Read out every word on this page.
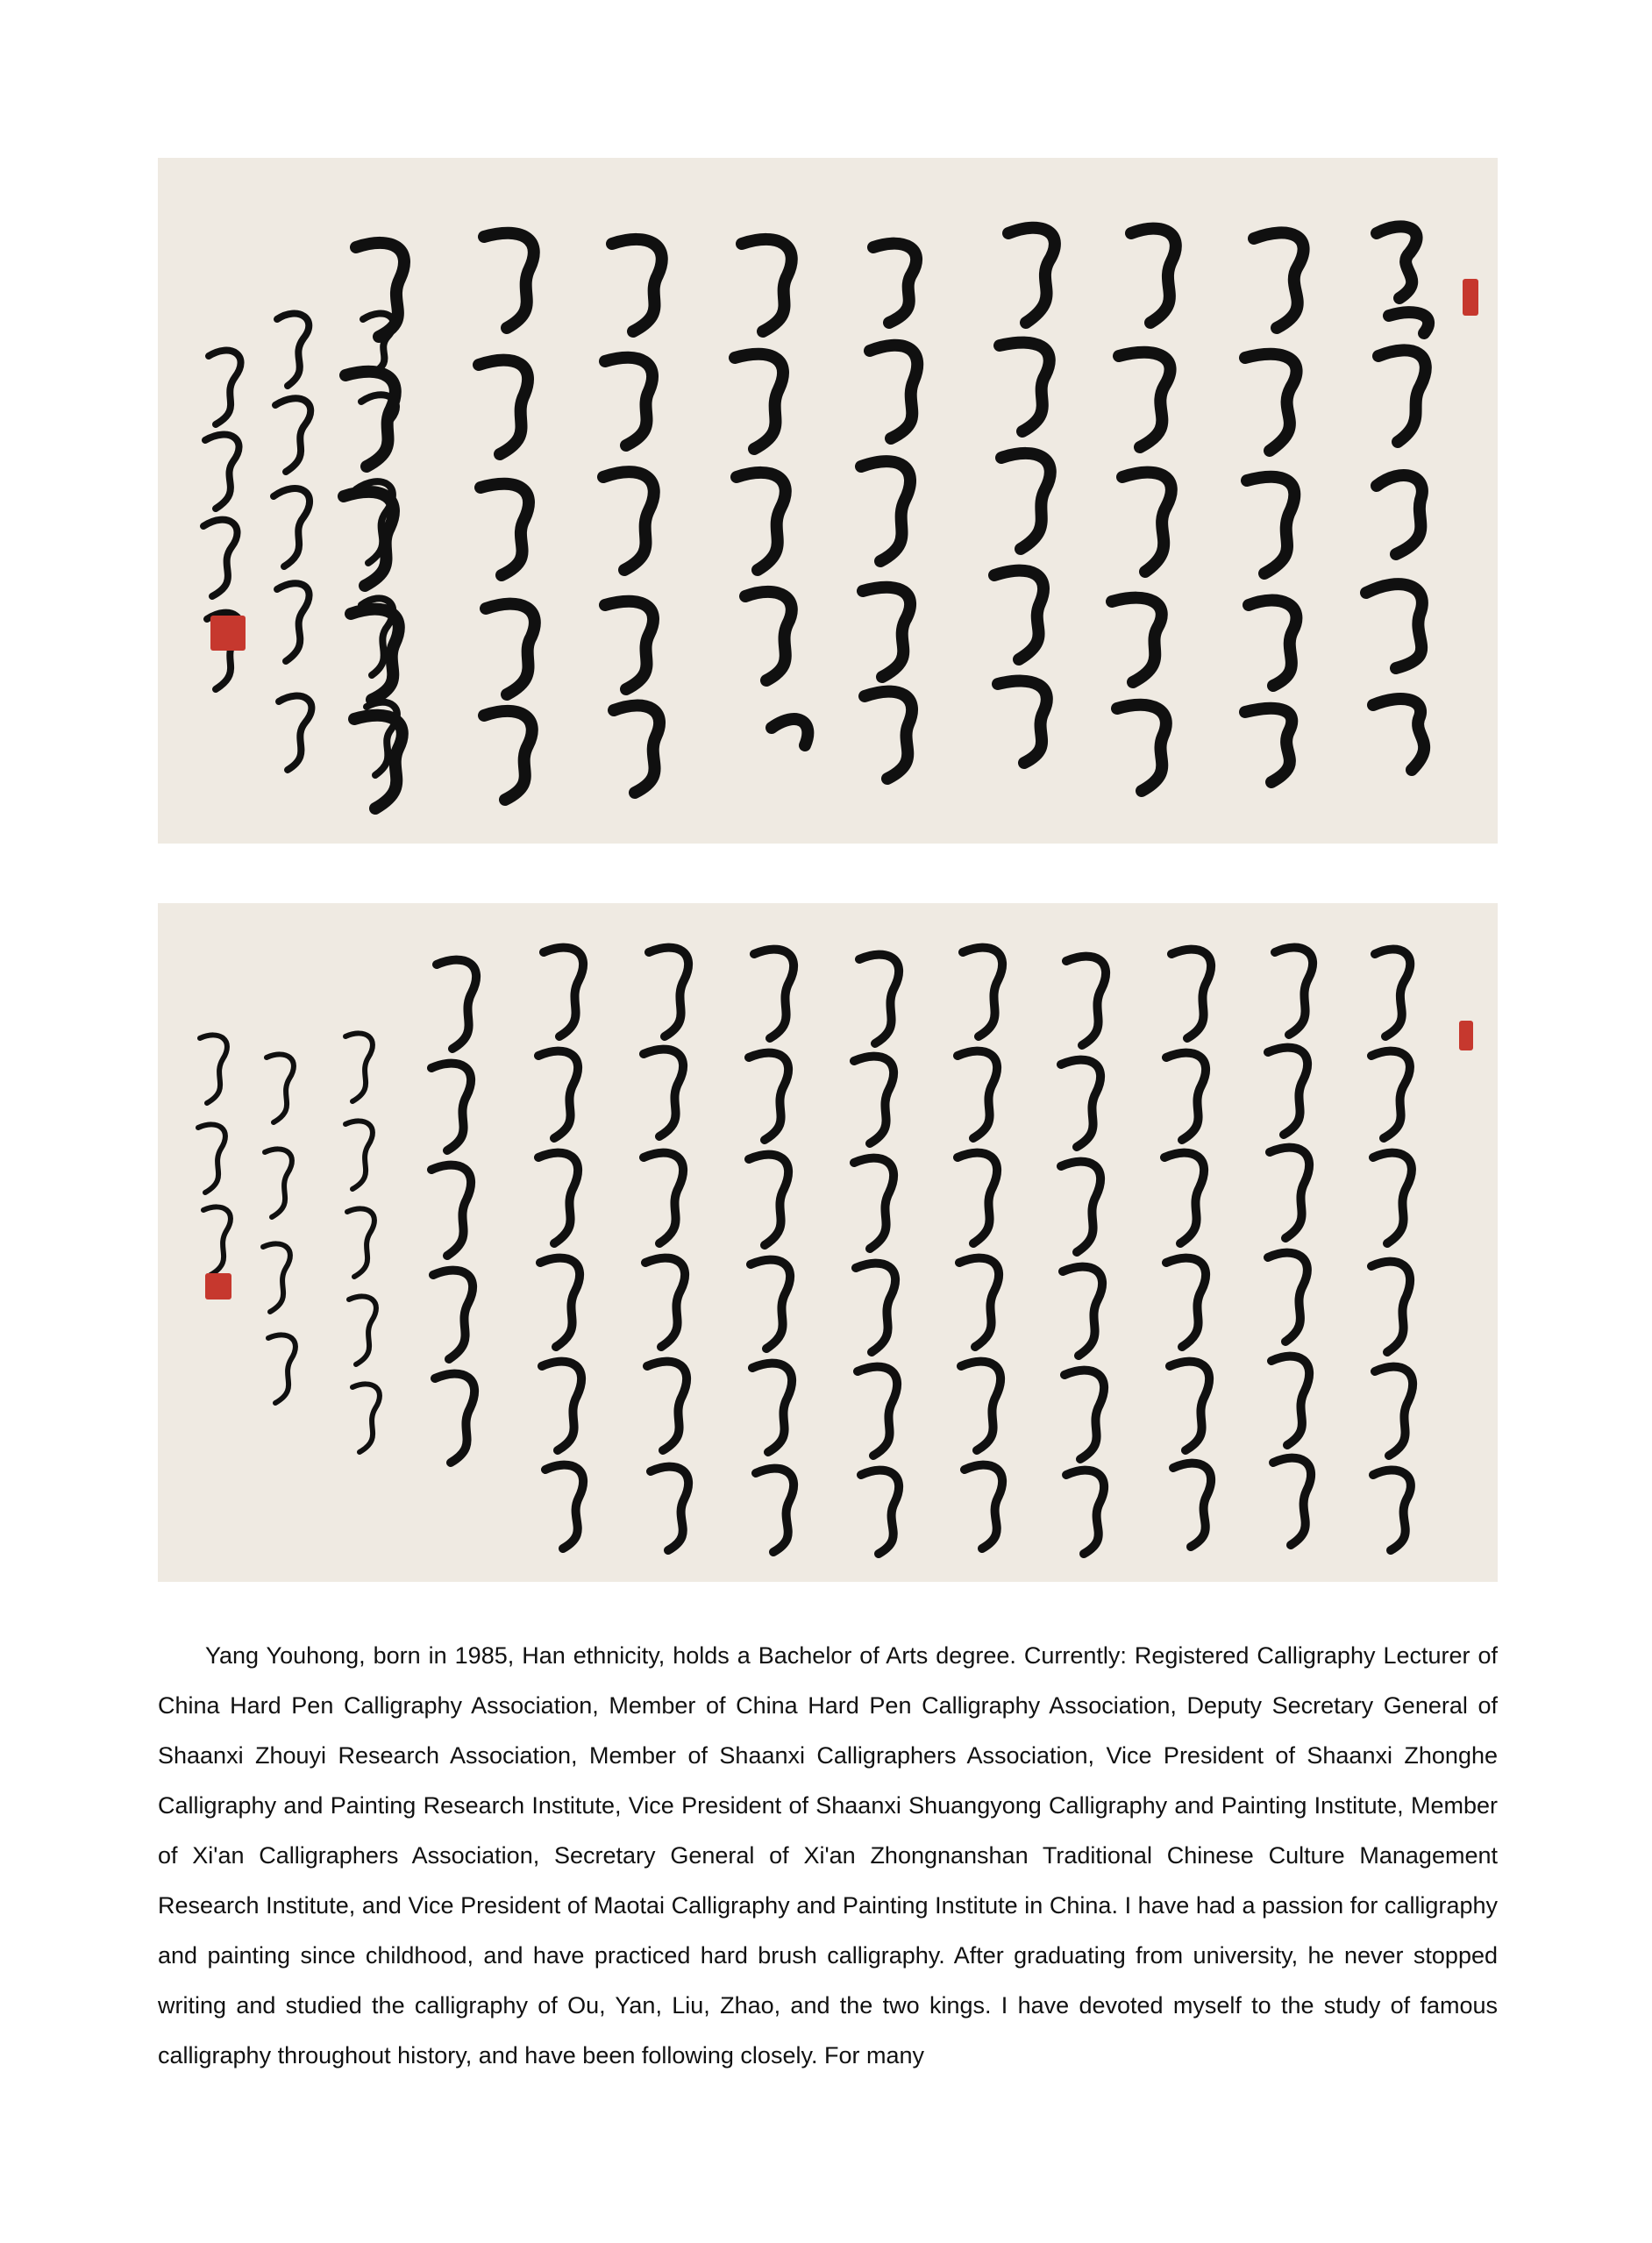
Yang Youhong, born in 1985, Han ethnicity, holds a Bachelor of Arts degree. Currently: Registered Calligraphy Lecturer of China Hard Pen Calligraphy Association, Member of China Hard Pen Calligraphy Association, Deputy Secretary General of Shaanxi Zhouyi Research Association, Member of Shaanxi Calligraphers Association, Vice President of Shaanxi Zhonghe Calligraphy and Painting Research Institute, Vice President of Shaanxi Shuangyong Calligraphy and Painting Institute, Member of Xi'an Calligraphers Association, Secretary General of Xi'an Zhongnanshan Traditional Chinese Culture Management Research Institute, and Vice President of Maotai Calligraphy and Painting Institute in China. I have had a passion for calligraphy and painting since childhood, and have practiced hard brush calligraphy. After graduating from university, he never stopped writing and studied the calligraphy of Ou, Yan, Liu, Zhao, and the two kings. I have devoted myself to the study of famous calligraphy throughout history, and have been following closely. For many
